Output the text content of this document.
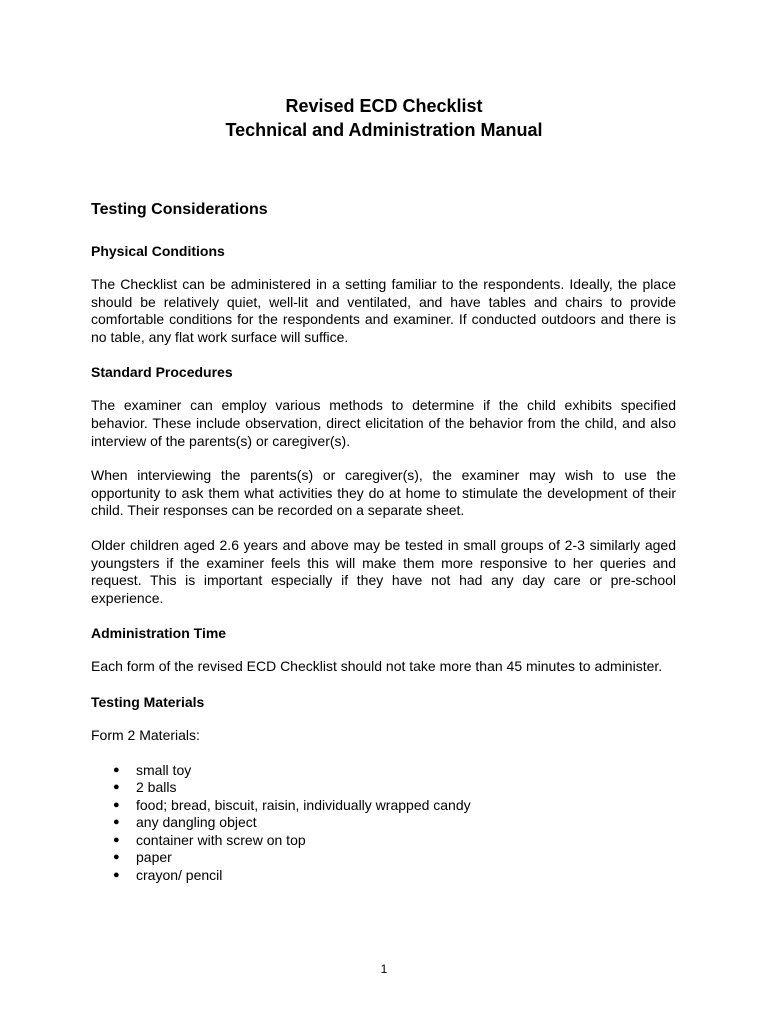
Revised ECD Checklist

Technical and Administration Manual

Testing Considerations
Physical Conditions

The Checklist can be administered in a setting familiar to the respondents. Ideally, the place should be relatively quiet, well-lit and ventilated, and have tables and chairs to provide comfortable conditions for the respondents and examiner. If conducted outdoors and there is no table, any flat work surface will suffice.

Standard Procedures

The examiner can employ various methods to determine if the child exhibits specified behavior. These include observation, direct elicitation of the behavior from the child, and also interview of the parents(s) or caregiver(s).

When interviewing the parents(s) or caregiver(s), the examiner may wish to use the opportunity to ask them what activities they do at home to stimulate the development of their child. Their responses can be recorded on a separate sheet.

Older children aged 2.6 years and above may be tested in small groups of 2-3 similarly aged youngsters if the examiner feels this will make them more responsive to her queries and request. This is important especially if they have not had any day care or pre-school experience.

Administration Time

Each form of the revised ECD Checklist should not take more than 45 minutes to administer.

Testing Materials

Form 2 Materials:

● small toy
● 2 balls
● food; bread, biscuit, raisin, individually wrapped candy
● any dangling object
● container with screw on top
● paper
● crayon/ pencil
1
